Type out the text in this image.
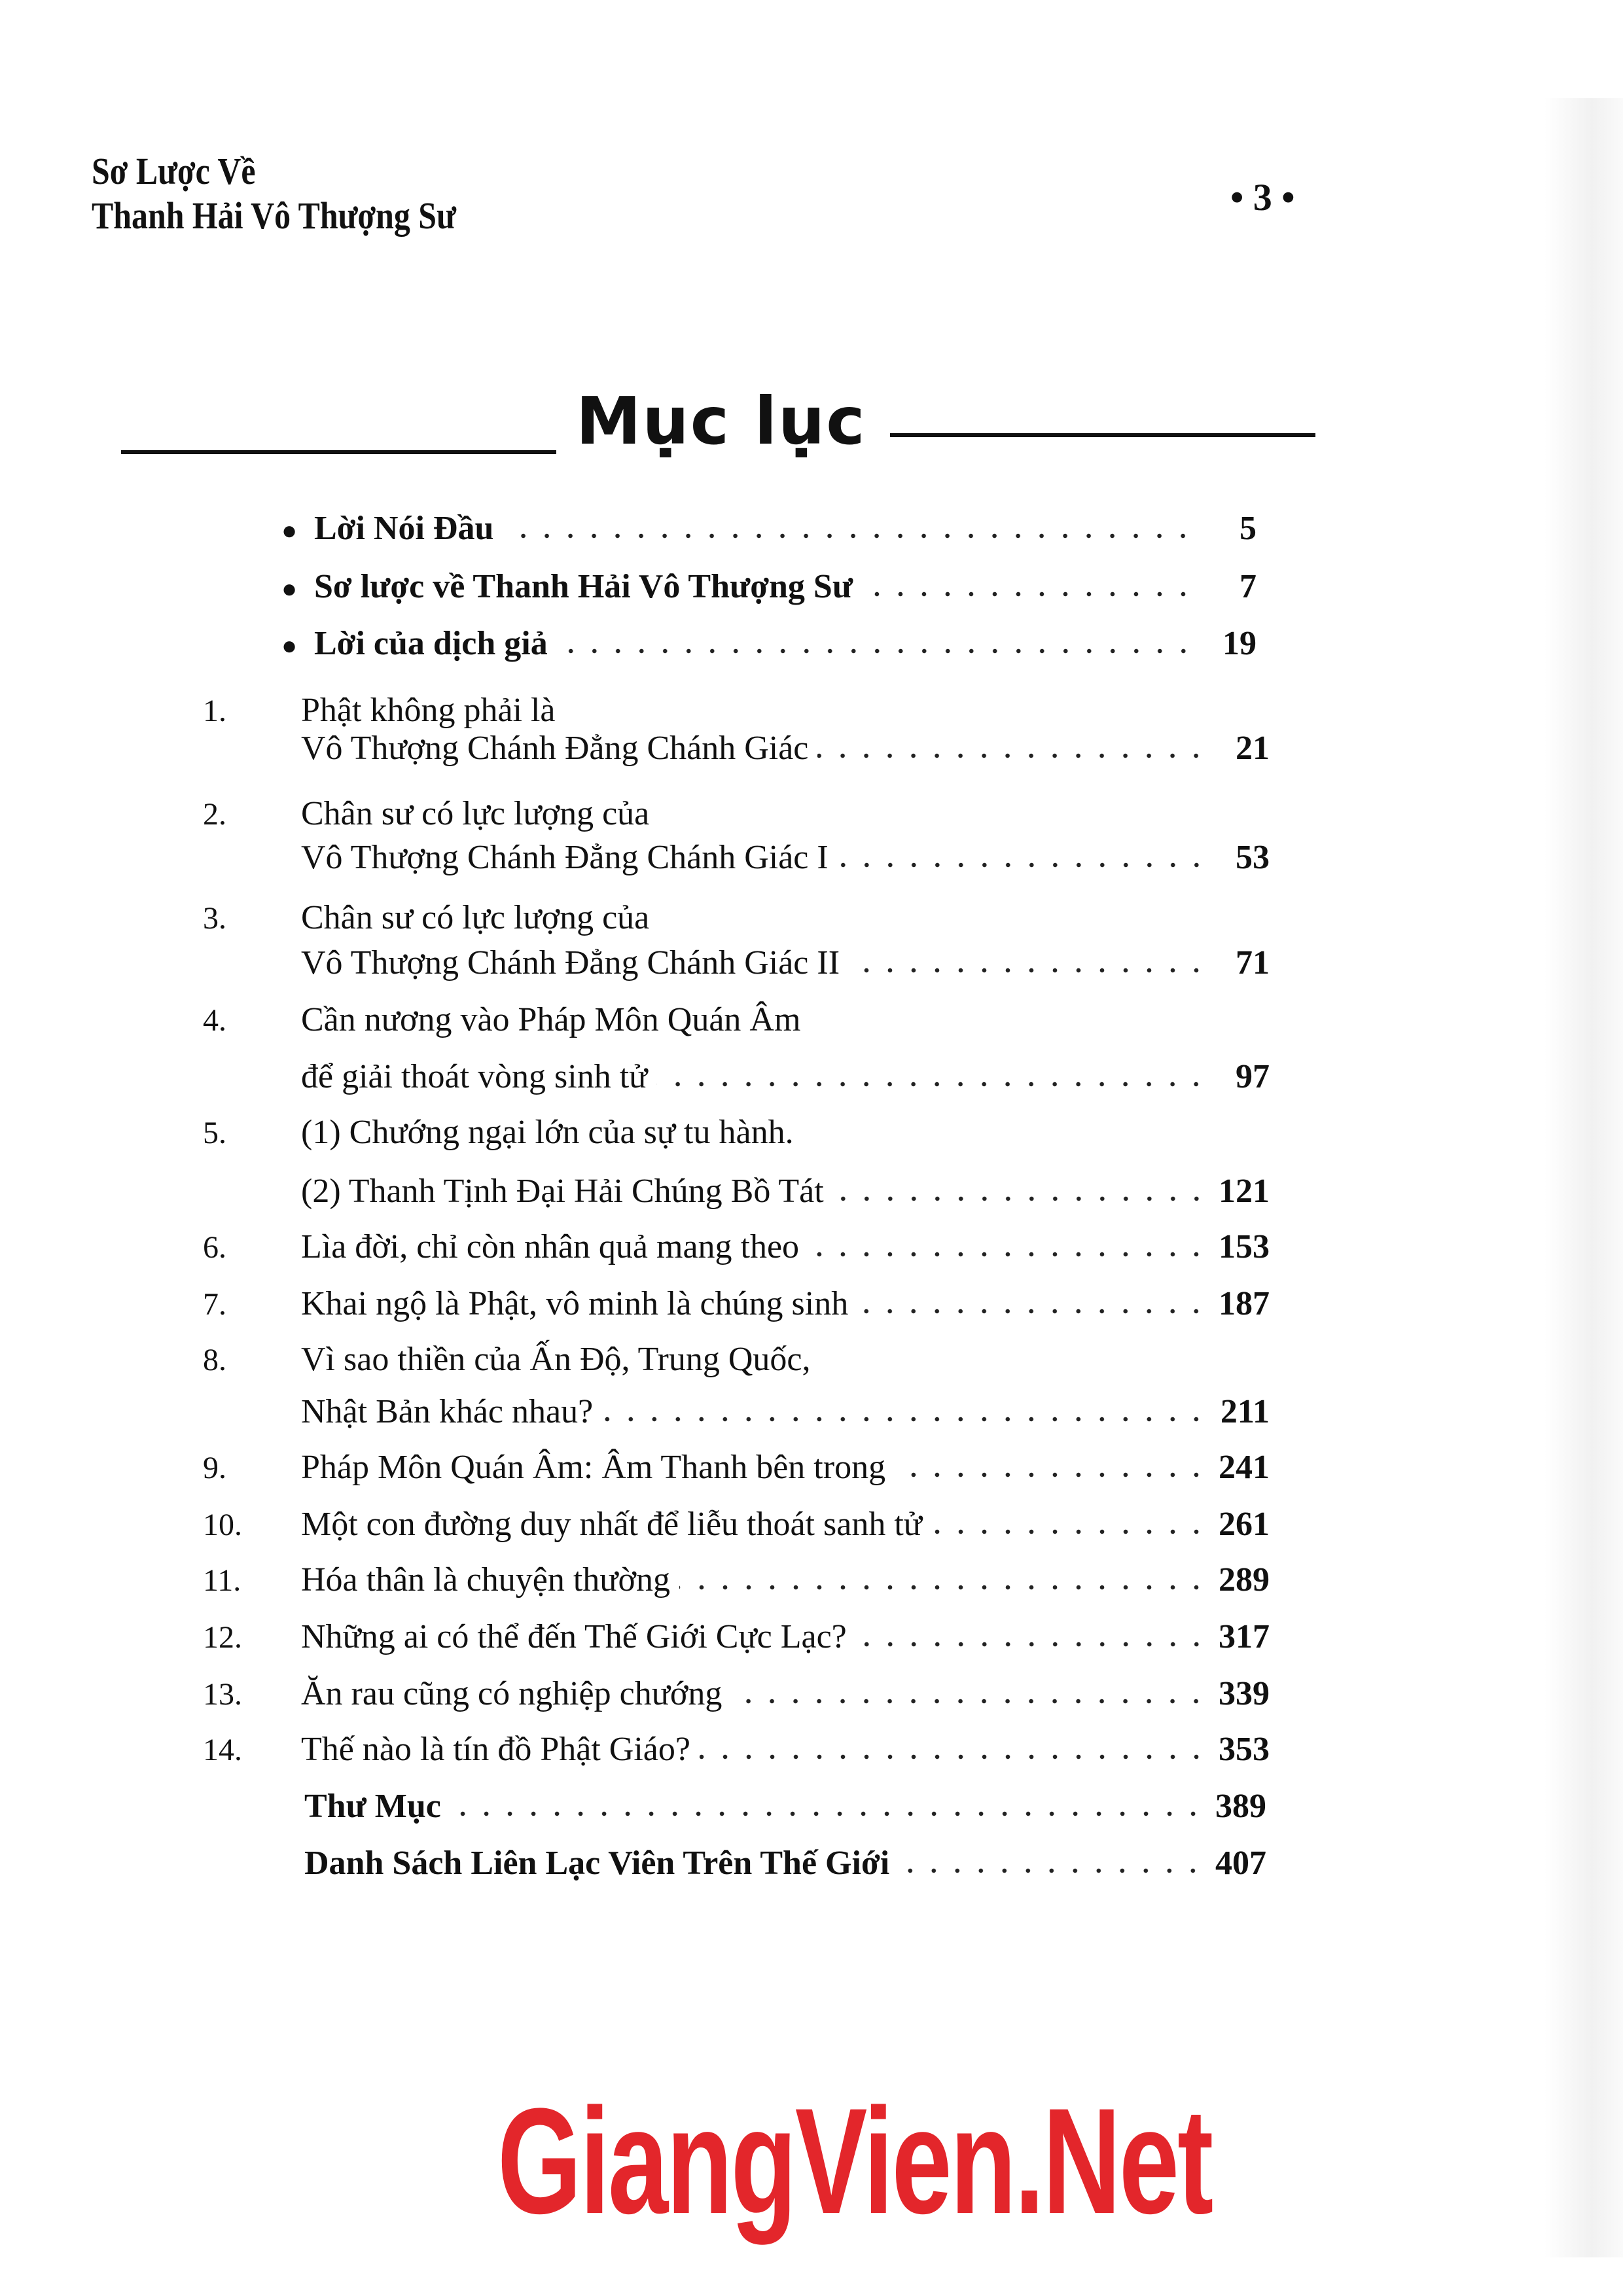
Sơ Lược Về
Thanh Hải Vô Thượng Sư	• 3 •
Mục lục
● Lời Nói Đầu	5
● Sơ lược về Thanh Hải Vô Thượng Sư	7
● Lời của dịch giả	19
1.	Phật không phải là
Vô Thượng Chánh Đẳng Chánh Giác	21
2.	Chân sư có lực lượng của
Vô Thượng Chánh Đẳng Chánh Giác I	53
3.	Chân sư có lực lượng của
Vô Thượng Chánh Đẳng Chánh Giác II	71
4.	Cần nương vào Pháp Môn Quán Âm
để giải thoát vòng sinh tử	97
5.	(1) Chướng ngại lớn của sự tu hành.
(2) Thanh Tịnh Đại Hải Chúng Bồ Tát	121
6.	Lìa đời, chỉ còn nhân quả mang theo	153
7.	Khai ngộ là Phật, vô minh là chúng sinh	187
8.	Vì sao thiền của Ấn Độ, Trung Quốc,
Nhật Bản khác nhau?	211
9.	Pháp Môn Quán Âm: Âm Thanh bên trong	241
10.	Một con đường duy nhất để liễu thoát sanh tử	261
11.	Hóa thân là chuyện thường	289
12.	Những ai có thể đến Thế Giới Cực Lạc?	317
13.	Ăn rau cũng có nghiệp chướng	339
14.	Thế nào là tín đồ Phật Giáo?	353
Thư Mục	389
Danh Sách Liên Lạc Viên Trên Thế Giới	407
GiangVien.Net
